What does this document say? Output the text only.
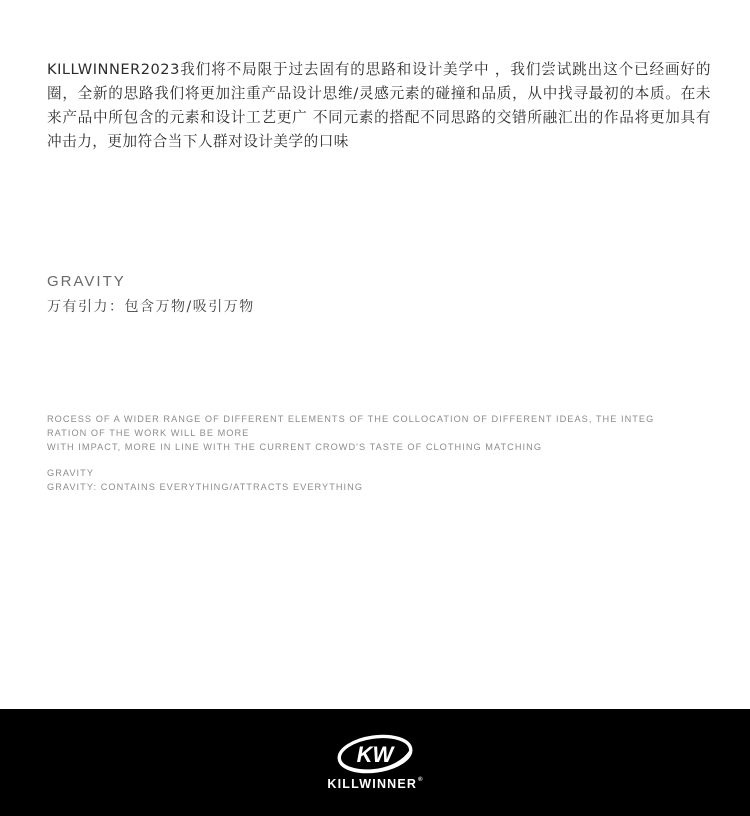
KILLWINNER2023我们将不局限于过去固有的思路和设计美学中 ，我们尝试跳出这个已经画好的圈，全新的思路我们将更加注重产品设计思维/灵感元素的碰撞和品质，从中找寻最初的本质。在未来产品中所包含的元素和设计工艺更广 不同元素的搭配不同思路的交错所融汇出的作品将更加具有冲击力，更加符合当下人群对设计美学的口味

GRAVITY

万有引力：包含万物/吸引万物

ROCESS OF A WIDER RANGE OF DIFFERENT ELEMENTS OF THE COLLOCATION OF DIFFERENT IDEAS, THE INTEG
RATION OF THE WORK WILL BE MORE
WITH IMPACT, MORE IN LINE WITH THE CURRENT CROWD'S TASTE OF CLOTHING MATCHING
GRAVITY
GRAVITY: CONTAINS EVERYTHING/ATTRACTS EVERYTHING
KW
KILLWINNER®
